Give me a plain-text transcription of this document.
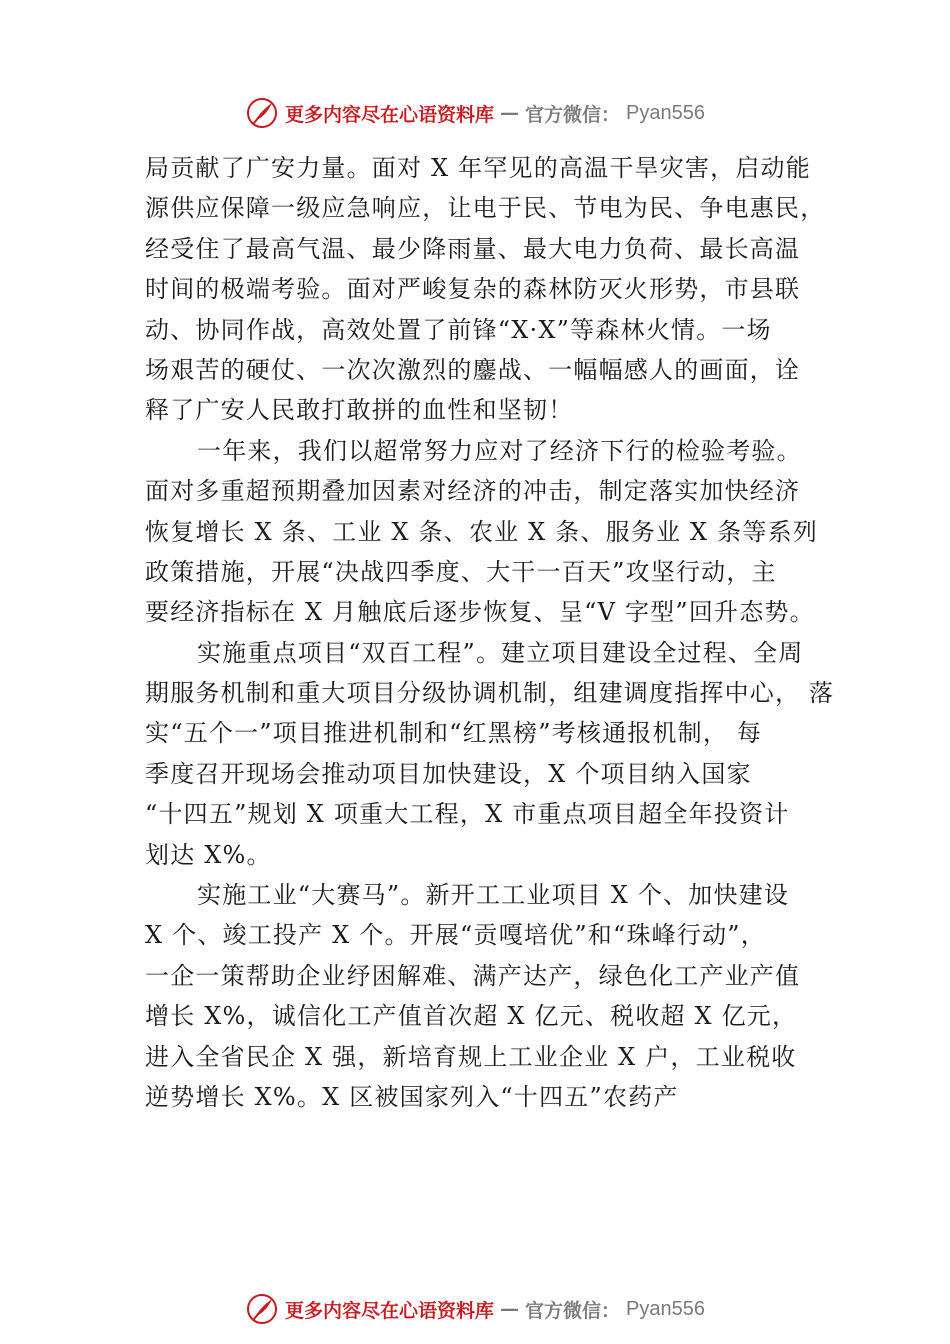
更多内容尽在心语资料库 — 官方微信： Pyan556
局贡献了广安力量。面对 X 年罕见的高温干旱灾害，启动能
源供应保障一级应急响应，让电于民、节电为民、争电惠民，
经受住了最高气温、最少降雨量、最大电力负荷、最长高温
时间的极端考验。面对严峻复杂的森林防灭火形势，市县联
动、协同作战，高效处置了前锋“X·X”等森林火情。一场
场艰苦的硬仗、一次次激烈的鏖战、一幅幅感人的画面，诠
释了广安人民敢打敢拼的血性和坚韧！
一年来，我们以超常努力应对了经济下行的检验考验。
面对多重超预期叠加因素对经济的冲击，制定落实加快经济
恢复增长 X 条、工业 X 条、农业 X 条、服务业 X 条等系列
政策措施，开展“决战四季度、大干一百天”攻坚行动，主
要经济指标在 X 月触底后逐步恢复、呈“V 字型”回升态势。
实施重点项目“双百工程”。建立项目建设全过程、全周
期服务机制和重大项目分级协调机制，组建调度指挥中心， 落
实“五个一”项目推进机制和“红黑榜”考核通报机制， 每
季度召开现场会推动项目加快建设，X 个项目纳入国家
“十四五”规划 X 项重大工程，X 市重点项目超全年投资计
划达 X%。
实施工业“大赛马”。新开工工业项目 X 个、加快建设
X 个、竣工投产 X 个。开展“贡嘎培优”和“珠峰行动”，
一企一策帮助企业纾困解难、满产达产，绿色化工产业产值
增长 X%，诚信化工产值首次超 X 亿元、税收超 X 亿元，
进入全省民企 X 强，新培育规上工业企业 X 户，工业税收
逆势增长 X%。X 区被国家列入“十四五”农药产
更多内容尽在心语资料库 — 官方微信： Pyan556
